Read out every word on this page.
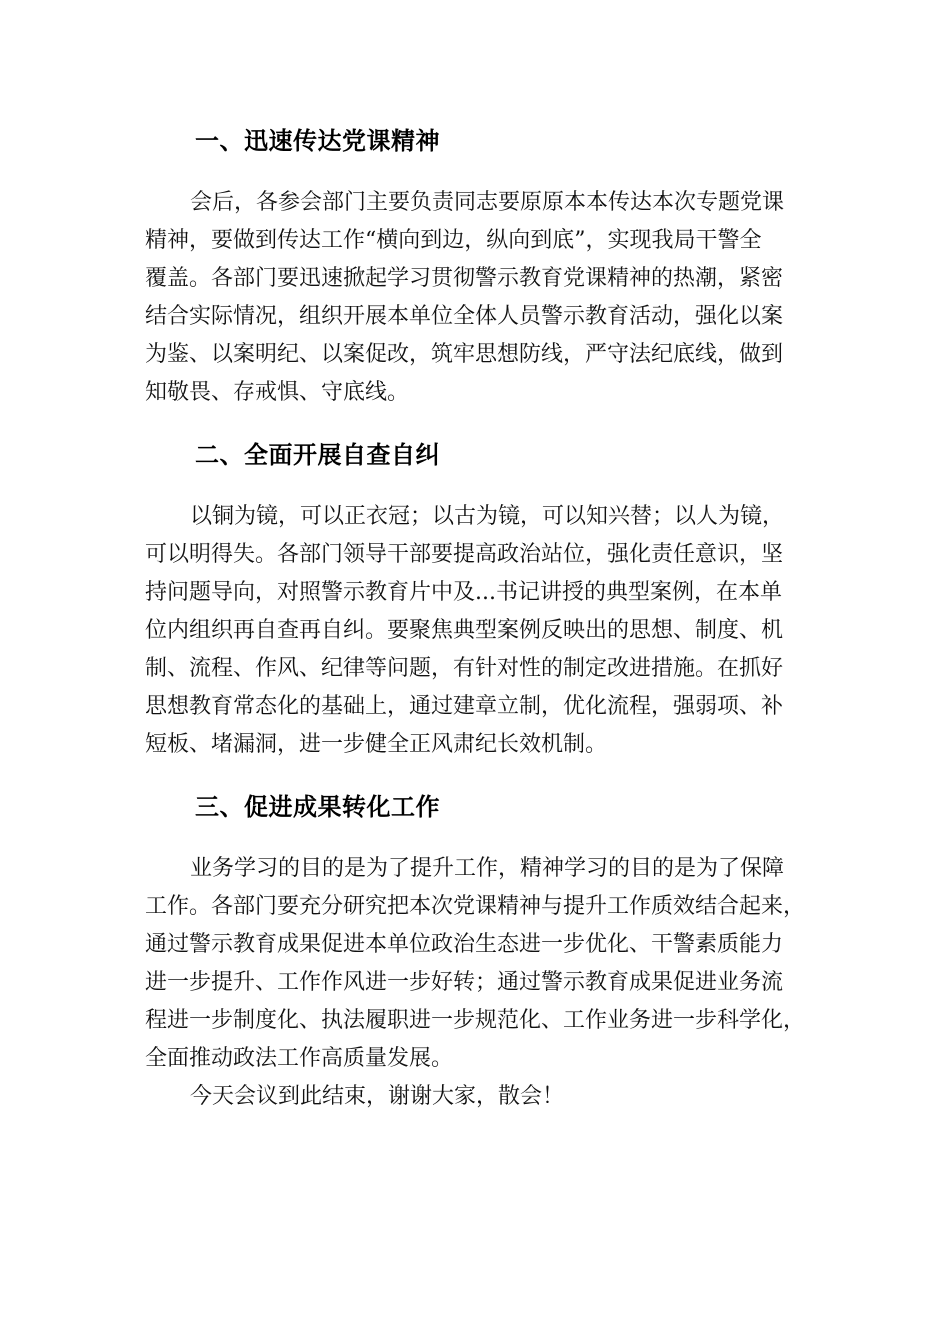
一、迅速传达党课精神
会后，各参会部门主要负责同志要原原本本传达本次专题党课
精神，要做到传达工作“横向到边，纵向到底”，实现我局干警全
覆盖。各部门要迅速掀起学习贯彻警示教育党课精神的热潮，紧密
结合实际情况，组织开展本单位全体人员警示教育活动，强化以案
为鉴、以案明纪、以案促改，筑牢思想防线，严守法纪底线，做到
知敬畏、存戒惧、守底线。
二、全面开展自查自纠
以铜为镜，可以正衣冠；以古为镜，可以知兴替；以人为镜，
可以明得失。各部门领导干部要提高政治站位，强化责任意识，坚
持问题导向，对照警示教育片中及...书记讲授的典型案例，在本单
位内组织再自查再自纠。要聚焦典型案例反映出的思想、制度、机
制、流程、作风、纪律等问题，有针对性的制定改进措施。在抓好
思想教育常态化的基础上，通过建章立制，优化流程，强弱项、补
短板、堵漏洞，进一步健全正风肃纪长效机制。
三、促进成果转化工作
业务学习的目的是为了提升工作，精神学习的目的是为了保障
工作。各部门要充分研究把本次党课精神与提升工作质效结合起来，
通过警示教育成果促进本单位政治生态进一步优化、干警素质能力
进一步提升、工作作风进一步好转；通过警示教育成果促进业务流
程进一步制度化、执法履职进一步规范化、工作业务进一步科学化，
全面推动政法工作高质量发展。
今天会议到此结束，谢谢大家，散会！
